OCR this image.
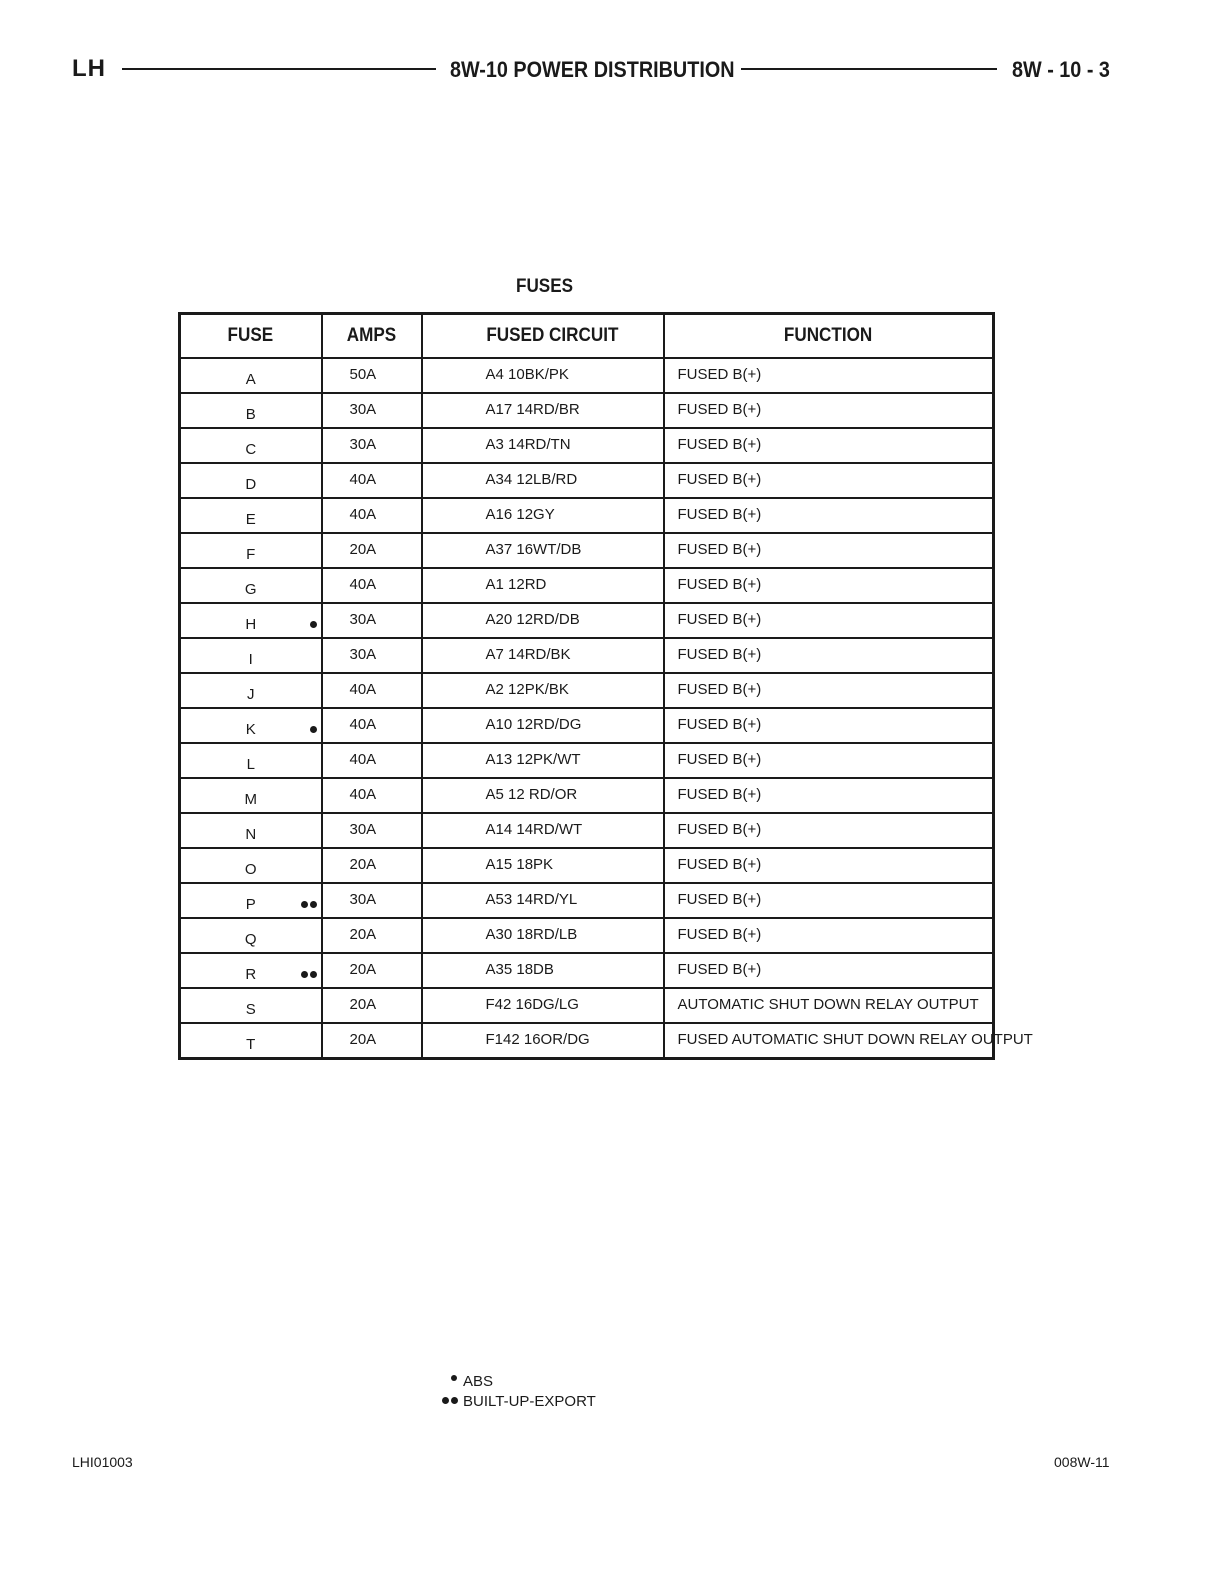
LH	8W-10 POWER DISTRIBUTION	8W - 10 - 3
FUSES
FUSE	AMPS	FUSED CIRCUIT	FUNCTION

A	50A	A4 10BK/PK	FUSED B(+)

B	30A	A17 14RD/BR	FUSED B(+)

C	30A	A3 14RD/TN	FUSED B(+)

D	40A	A34 12LB/RD	FUSED B(+)

E	40A	A16 12GY	FUSED B(+)

F	20A	A37 16WT/DB	FUSED B(+)

G	40A	A1 12RD	FUSED B(+)

H	30A	A20 12RD/DB	FUSED B(+)

I	30A	A7 14RD/BK	FUSED B(+)

J	40A	A2 12PK/BK	FUSED B(+)

K	40A	A10 12RD/DG	FUSED B(+)

L	40A	A13 12PK/WT	FUSED B(+)

M	40A	A5 12 RD/OR	FUSED B(+)

N	30A	A14 14RD/WT	FUSED B(+)

O	20A	A15 18PK	FUSED B(+)

P	30A	A53 14RD/YL	FUSED B(+)

Q	20A	A30 18RD/LB	FUSED B(+)

R	20A	A35 18DB	FUSED B(+)

S	20A	F42 16DG/LG	AUTOMATIC SHUT DOWN RELAY OUTPUT

T	20A	F142 16OR/DG	FUSED AUTOMATIC SHUT DOWN RELAY OUTPUT
ABS
BUILT-UP-EXPORT
LHI01003	008W-11
